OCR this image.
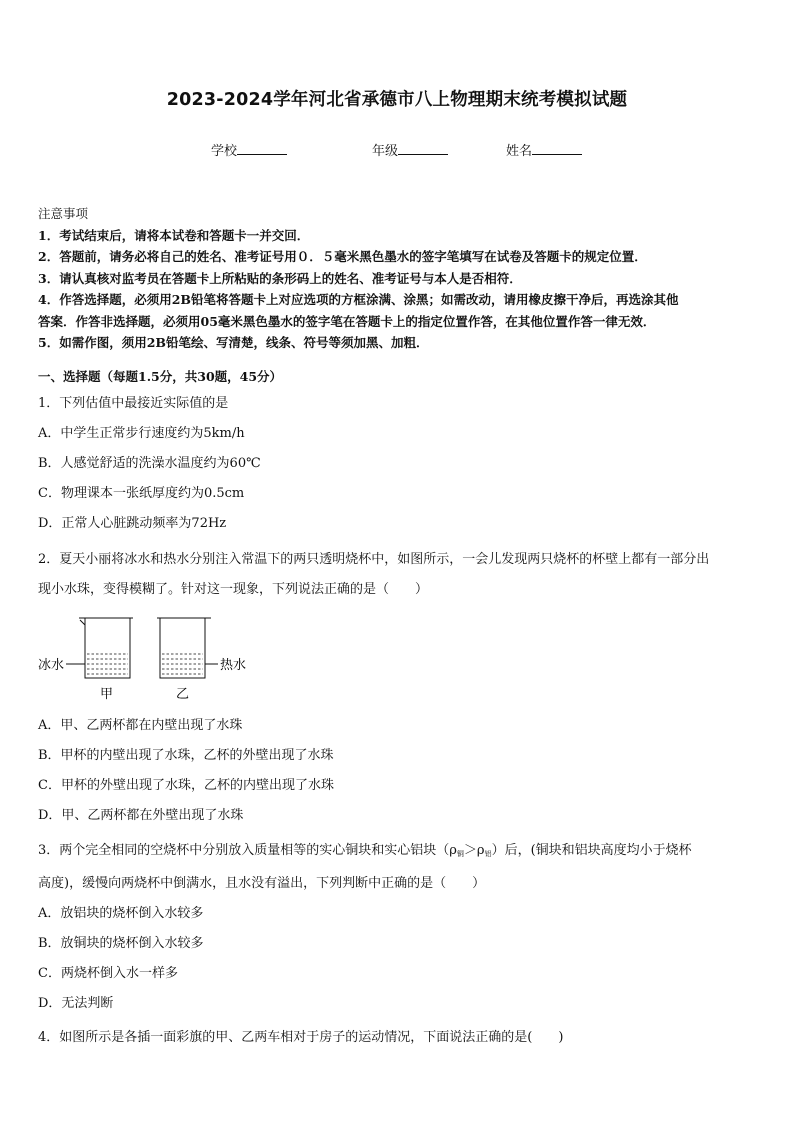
2023-2024学年河北省承德市八上物理期末统考模拟试题
学校	年级	姓名
注意事项
1．考试结束后，请将本试卷和答题卡一并交回．
2．答题前，请务必将自己的姓名、准考证号用０．５毫米黑色墨水的签字笔填写在试卷及答题卡的规定位置．
3．请认真核对监考员在答题卡上所粘贴的条形码上的姓名、准考证号与本人是否相符．
4．作答选择题，必须用2B铅笔将答题卡上对应选项的方框涂满、涂黑；如需改动，请用橡皮擦干净后，再选涂其他
答案．作答非选择题，必须用05毫米黑色墨水的签字笔在答题卡上的指定位置作答，在其他位置作答一律无效．
5．如需作图，须用2B铅笔绘、写清楚，线条、符号等须加黑、加粗．
一、选择题（每题1.5分，共30题，45分）
1．下列估值中最接近实际值的是
A．中学生正常步行速度约为5km/h
B．人感觉舒适的洗澡水温度约为60℃
C．物理课本一张纸厚度约为0.5cm
D．正常人心脏跳动频率为72Hz
2．夏天小丽将冰水和热水分别注入常温下的两只透明烧杯中，如图所示，一会儿发现两只烧杯的杯壁上都有一部分出
现小水珠，变得模糊了。针对这一现象，下列说法正确的是（　　）
冰水	热水
甲	乙
A．甲、乙两杯都在内壁出现了水珠
B．甲杯的内壁出现了水珠，乙杯的外壁出现了水珠
C．甲杯的外壁出现了水珠，乙杯的内壁出现了水珠
D．甲、乙两杯都在外壁出现了水珠
3．两个完全相同的空烧杯中分别放入质量相等的实心铜块和实心铝块$(\rho_铜>\rho_铝)$后，(铜块和铝块高度均小于烧杯
高度)，缓慢向两烧杯中倒满水，且水没有溢出，下列判断中正确的是（　　）
A．放铝块的烧杯倒入水较多
B．放铜块的烧杯倒入水较多
C．两烧杯倒入水一样多
D．无法判断
4．如图所示是各插一面彩旗的甲、乙两车相对于房子的运动情况，下面说法正确的是(　　)
